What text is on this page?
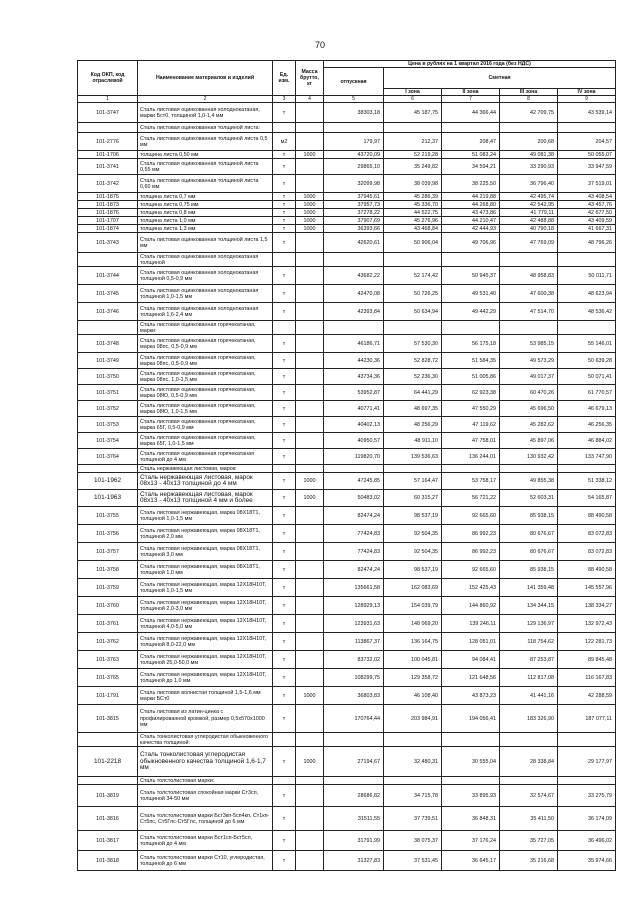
70
Код ОКП, код отраслевой	Наименование материалов и изделий	Ед. изм.	Масса брутто, кг	Цена в рублях на 1 квартал 2016 года (без НДС)				
				отпускная	Сметная			
					I зона	II зона	III зона	IV зона
1	2	3	4	5	6	7	8	9
101-3747	Сталь листовая оцинкованная холоднокатаная, марки Бст0, толщиной 1,0-1,4 мм	т		38303,18	45 187,75	44 366,44	42 709,75	43 539,14
	Сталь листовая оцинкованная толщиной листа:							
101-2776	Сталь листовая оцинкованная толщиной листа 0,5 мм	м2		179,97	212,37	208,47	200,68	204,57
101-1706	толщина листа 0,50 мм	т	1000	43720,09	52 219,28	51 083,24	49 081,38	50 055,07
101-3741	Сталь листовая оцинкованная толщиной листа 0,55 мм	т		29865,10	35 249,82	34 594,21	33 290,93	33 947,59
101-3742	Сталь листовая оцинкованная толщиной листа 0,60 мм	т		32099,98	38 039,98	38 225,50	36 796,40	37 519,01
101-1875	толщина листа 0,7 мм	т	1000	37945,61	45 286,39	44 219,88	42 495,74	43 408,54
101-1873	толщина листа 0,75 мм	т	1000	37957,73	45 336,70	44 268,80	42 542,95	43 457,76
101-1876	толщина листа 0,8 мм	т	1000	37278,22	44 522,75	43 473,86	41 779,11	42 677,50
101-1707	толщина листа 1,0 мм	т	1000	37907,69	45 276,96	44 210,47	42 488,88	43 409,59
101-1874	толщина листа 1,3 мм	т	1000	36393,66	43 468,84	42 444,93	40 790,18	41 667,31
101-3743	Сталь листовая оцинкованная толщиной листа 1,5 мм	т		42620,61	50 906,04	49 706,96	47 769,09	48 796,26
	Сталь листовая оцинкованная холоднокатаная толщиной							
101-3744	Сталь листовая оцинкованная холоднокатаная толщиной 0,5-0,9 мм	т		43682,22	52 174,42	50 945,37	48 958,83	50 011,71
101-3745	Сталь листовая оцинкованная холоднокатаная толщиной 1,0-1,5 мм	т		42470,08	50 726,25	49 531,40	47 600,38	48 623,94
101-3746	Сталь листовая оцинкованная холоднокатаная толщиной 1,6-2,4 мм	т		42393,84	50 634,94	49 442,29	47 514,70	48 536,42
	Сталь листовая оцинкованная горячекатаная, марки:							
101-3748	Сталь листовая оцинкованная горячекатаная, марка 08пс, 0,5-0,9 мм	т		46186,71	57 530,30	56 175,18	53 985,15	55 146,01
101-3749	Сталь листовая оцинкованная горячекатаная, марка 08пс, 0,5-0,9 мм	т		44230,36	52 828,72	51 584,35	49 573,29	50 639,28
101-3750	Сталь листовая оцинкованная горячекатаная, марка 08пс, 1,0-1,5 мм	т		43734,36	52 236,30	51 005,86	49 017,37	50 071,41
101-3751	Сталь листовая оцинкованная горячекатаная, марка 08Ю, 0,5-0,9 мм	т		53952,87	64 441,29	62 923,38	60 470,26	61 770,57
101-3752	Сталь листовая оцинкованная горячекатаная, марка 08Ю, 1,0-1,5 мм	т		40771,41	48 697,35	47 550,29	45 696,50	46 679,13
101-3753	Сталь листовая оцинкованная горячекатаная, марка 65Г, 0,5-0,9 мм	т		40402,13	48 256,29	47 119,62	45 282,62	46 256,35
101-3754	Сталь листовая оцинкованная горячекатаная, марка 65Г, 1,0-1,5 мм	т		40950,57	48 911,10	47 758,01	45 897,06	46 884,02
101-3764	Сталь листовая оцинкованная горячекатаная толщиной до 4 мм	т		119820,70	139 536,63	136 244,01	130 932,42	133 747,90
	Сталь нержавеющая листовая, марок:							
101-1962	Сталь нержавеющая листовая, марок 08х13 - 40х13 толщиной до 4 мм	т	1000	47245,85	57 164,47	53 758,17	49 855,38	51 338,12
101-1963	Сталь нержавеющая листовая, марок 08х13 - 40х13 толщиной 4 мм и более	т	1000	50483,02	60 315,27	56 721,22	52 603,31	54 165,87
101-3755	Сталь листовая нержавеющая, марка 08Х18Т1, толщиной 1,0-1,5 мм	т		82474,24	98 537,19	92 665,60	85 938,15	88 490,58
101-3756	Сталь листовая нержавеющая, марка 08Х18Т1, толщиной 2,0 мм	т		77424,83	92 504,35	86 992,23	80 676,67	83 072,83
101-3757	Сталь листовая нержавеющая, марка 08Х18Т1, толщиной 3,0 мм	т		77424,83	92 504,35	86 992,23	80 676,67	83 072,83
101-3758	Сталь листовая нержавеющая, марка 08Х18Т1, толщиной 1,0 мм	т		82474,24	98 537,19	92 665,60	85 938,15	88 490,58
101-3759	Сталь листовая нержавеющая, марка 12Х18Н10Т, толщиной 1,0-1,5 мм	т		135661,58	162 083,69	152 425,43	141 359,48	145 557,96
101-3760	Сталь листовая нержавеющая, марка 12Х18Н10Т, толщиной 2,0-3,0 мм	т		128929,13	154 039,79	144 860,92	134 344,15	138 334,27
101-3761	Сталь листовая нержавеющая, марка 12Х18Н10Т, толщиной 4,0-5,0 мм	т		123931,63	148 069,20	139 246,11	129 136,97	132 972,43
101-3762	Сталь листовая нержавеющая, марка 12Х18Н10Т, толщиной 8,0-22,0 мм	т		113867,37	136 164,75	128 051,01	118 754,62	122 281,73
101-3763	Сталь листовая нержавеющая, марка 12Х18Н10Т, толщиной 25,0-50,0 мм	т		83732,02	100 045,81	94 084,41	87 253,87	89 845,48
101-3765	Сталь листовая нержавеющая, марка 12Х18Н10Т, толщиной до 1,0 мм	т		108299,75	129 358,72	121 648,56	112 817,08	116 167,83
101-1791	Сталь листовая волнистая толщиной 1,5-1,6 мм марки БСт0	т	1000	36803,83	46 108,40	43 873,23	41 441,16	42 288,59
101-3815	Сталь листовая из латин-цинка с профилированной кромкой, размер 0,5х570х1000 мм	т		170764,44	203 984,91	194 056,41	183 326,90	187 077,11
	Сталь тонколистовая углеродистая обыкновенного качества толщиной:							
101-2218	Сталь тонколистовая углеродистая обыкновенного качества толщиной 1,6-1,7 мм	т	1000	27194,67	32 480,31	30 555,04	28 338,84	29 177,97
	Сталь толстолистовая марки:							
101-3819	Сталь толстолистовая спокойная марки Ст3сп, толщиной 34-50 мм	т		28686,82	34 715,78	33 895,93	32 574,67	33 275,79
101-3816	Сталь толстолистовая марки Бст3кп-5сп4кп, Ст1кп-Ст5пс, Ст5Гпс-Ст5Гпс, толщиной до 6 мм	т		31511,55	37 739,51	36 848,31	35 411,50	36 174,09
101-3817	Сталь толстолистовая марки Бст1сп-Бст5сп, толщиной до 4 мм	т		31791,99	38 075,37	37 176,24	35 727,05	36 496,02
101-3818	Сталь толстолистовая марки Ст10, углеродистая, толщиной до 6 мм	т		31327,83	37 531,45	36 645,17	35 216,68	35 974,66
